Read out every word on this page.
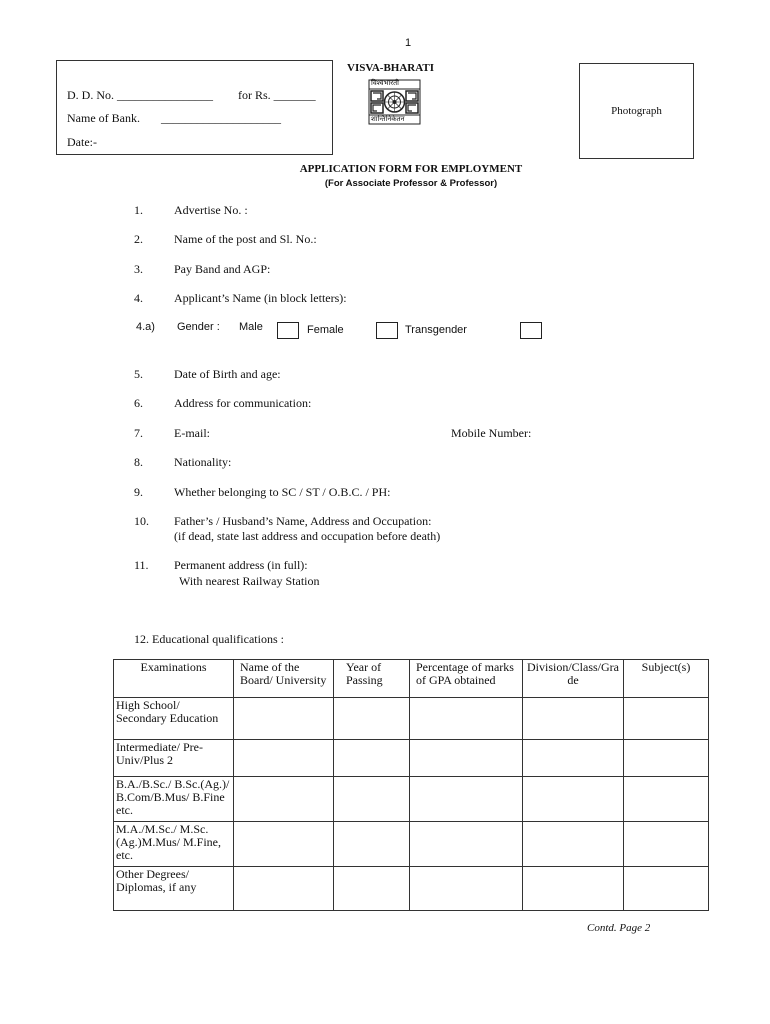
1
D. D. No. ________________ for Rs. _______
Name of Bank. ____________________
Date:-
VISVA-BHARATI
विश्वभारती
शान्तिनिकेतन
Photograph
APPLICATION FORM FOR EMPLOYMENT
(For Associate Professor & Professor)
1.	Advertise No. :
2.	Name of the post and Sl. No.:
3.	Pay Band and AGP:
4.	Applicant’s Name (in block letters):
4.a) Gender : Male	Female	Transgender
5.	Date of Birth and age:
6.	Address for communication:
7.	E-mail:	Mobile Number:
8.	Nationality:
9.	Whether belonging to SC / ST / O.B.C. / PH:
10. Father’s / Husband’s Name, Address and Occupation:
(if dead, state last address and occupation before death)
11. Permanent address (in full):
With nearest Railway Station
12. Educational qualifications :
Examinations	Name of the Board/ University	Year of Passing	Percentage of marks of GPA obtained	Division/Class/Grade	Subject(s)
High School/ Secondary Education					
Intermediate/ Pre-Univ/Plus 2					
B.A./B.Sc./ B.Sc.(Ag.)/B.Com/B.Mus/ B.Fine etc.					
M.A./M.Sc./ M.Sc.(Ag.)M.Mus/ M.Fine, etc.					
Other Degrees/ Diplomas, if any					
Contd. Page 2
